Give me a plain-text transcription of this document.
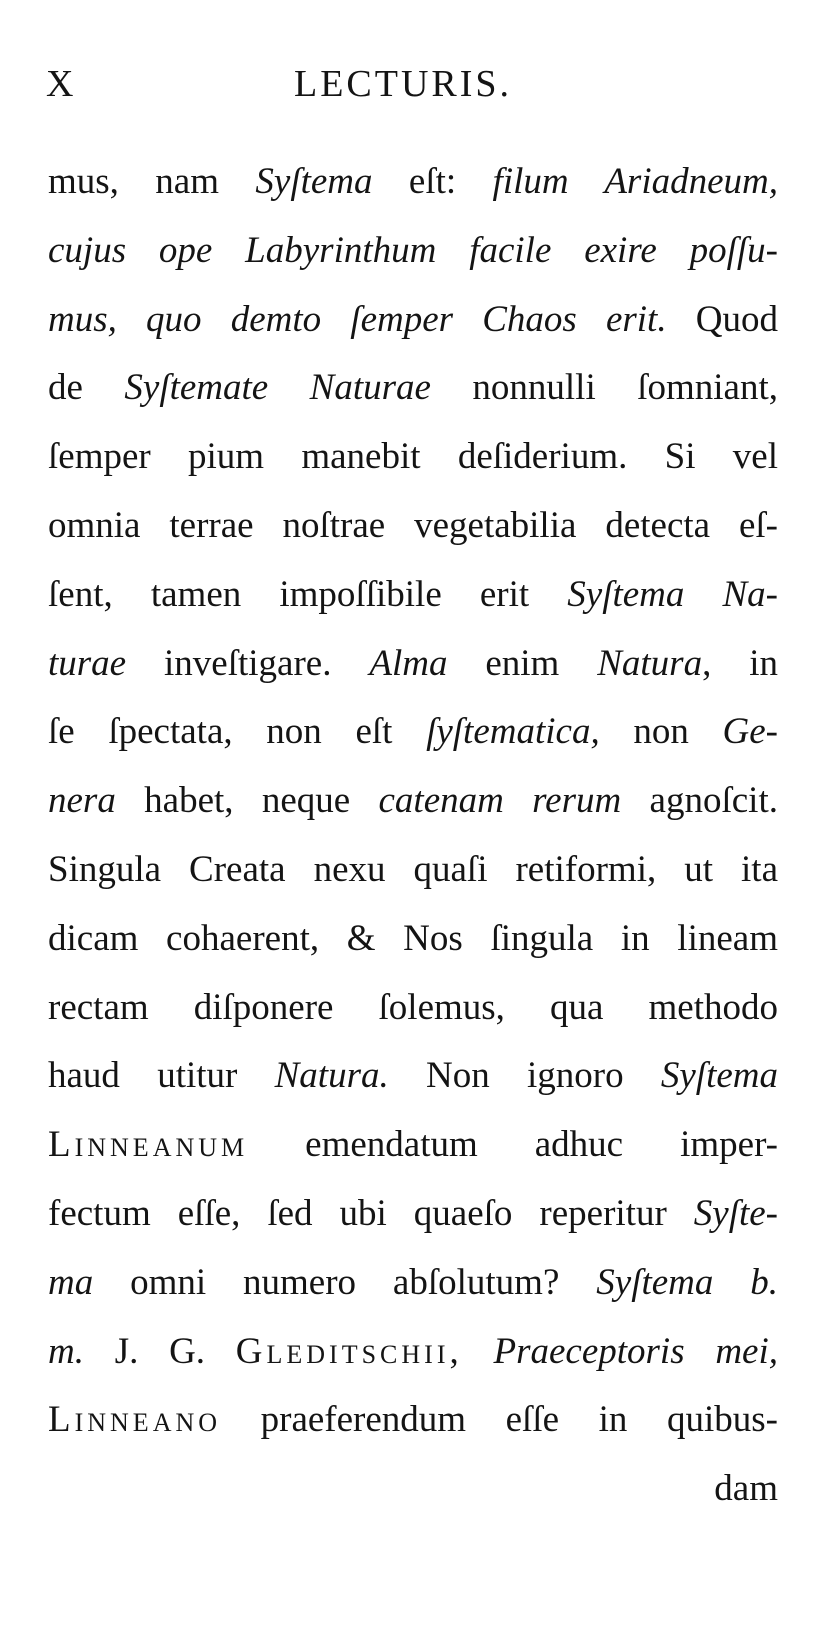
X	LECTURIS.
mus, nam Syſtema eſt: filum Ariadneum,
cujus ope Labyrinthum facile exire poſſu-
mus, quo demto ſemper Chaos erit. Quod
de Syſtemate Naturae nonnulli ſomniant,
ſemper pium manebit deſiderium. Si vel
omnia terrae noſtrae vegetabilia detecta eſ-
ſent, tamen impoſſibile erit Syſtema Na-
turae inveſtigare. Alma enim Natura, in
ſe ſpectata, non eſt ſyſtematica, non Ge-
nera habet, neque catenam rerum agnoſcit.
Singula Creata nexu quaſi retiformi, ut ita
dicam cohaerent, & Nos ſingula in lineam
rectam diſponere ſolemus, qua methodo
haud utitur Natura. Non ignoro Syſtema
Linneanum emendatum adhuc imper-
fectum eſſe, ſed ubi quaeſo reperitur Syſte-
ma omni numero abſolutum? Syſtema b.
m. J. G. Gleditschii, Praeceptoris mei,
Linneano praeferendum eſſe in quibus-
dam
